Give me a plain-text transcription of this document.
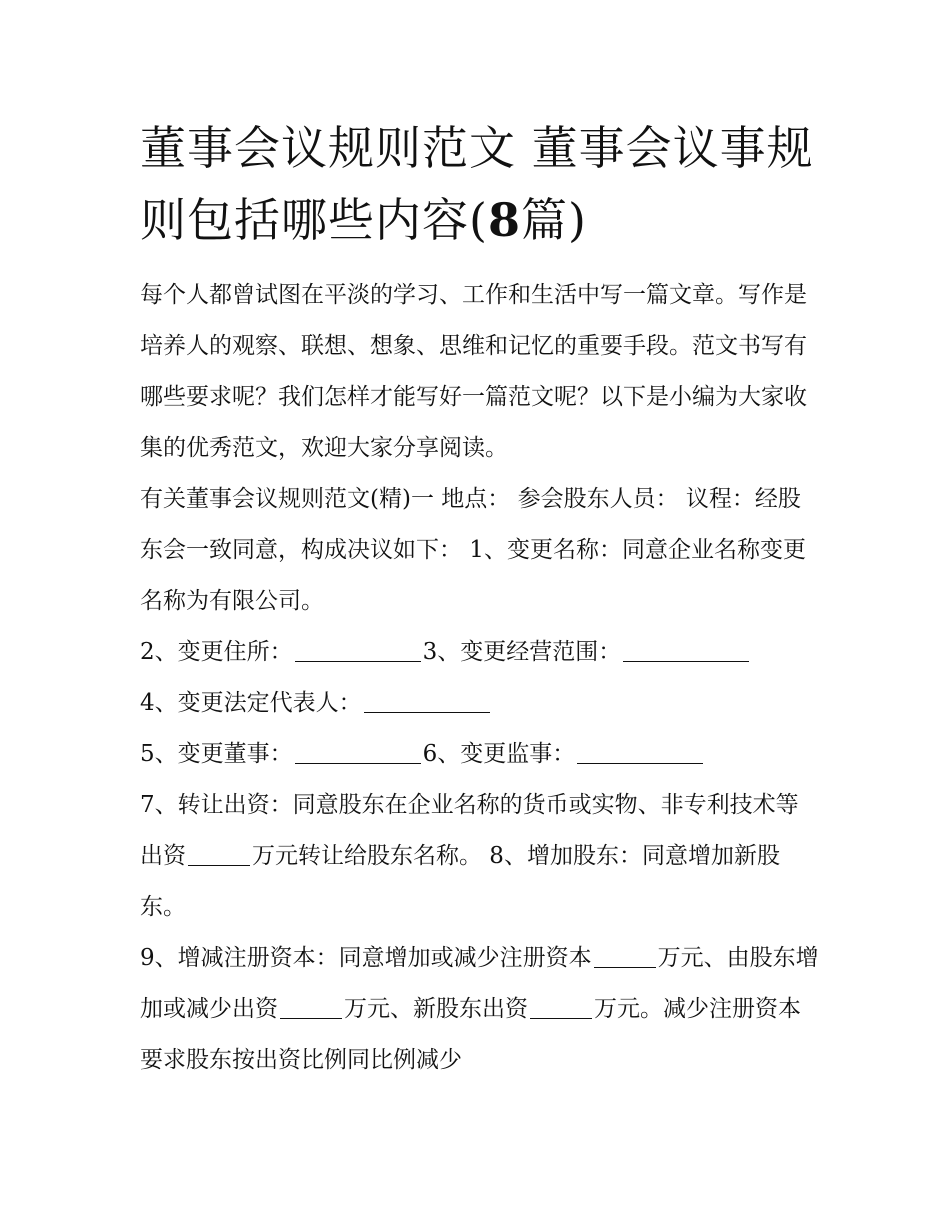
董事会议规则范文 董事会议事规则包括哪些内容(8篇)

每个人都曾试图在平淡的学习、工作和生活中写一篇文章。写作是培养人的观察、联想、想象、思维和记忆的重要手段。范文书写有哪些要求呢？我们怎样才能写好一篇范文呢？以下是小编为大家收集的优秀范文，欢迎大家分享阅读。

有关董事会议规则范文(精)一 地点： 参会股东人员： 议程：经股东会一致同意，构成决议如下： 1、变更名称：同意企业名称变更名称为有限公司。

2、变更住所：	3、变更经营范围：

4、变更法定代表人：

5、变更董事：	6、变更监事：

7、转让出资：同意股东在企业名称的货币或实物、非专利技术等出资	万元转让给股东名称。 8、增加股东：同意增加新股东。

9、增减注册资本：同意增加或减少注册资本	万元、由股东增加或减少出资	万元、新股东出资	万元。减少注册资本要求股东按出资比例同比例减少
